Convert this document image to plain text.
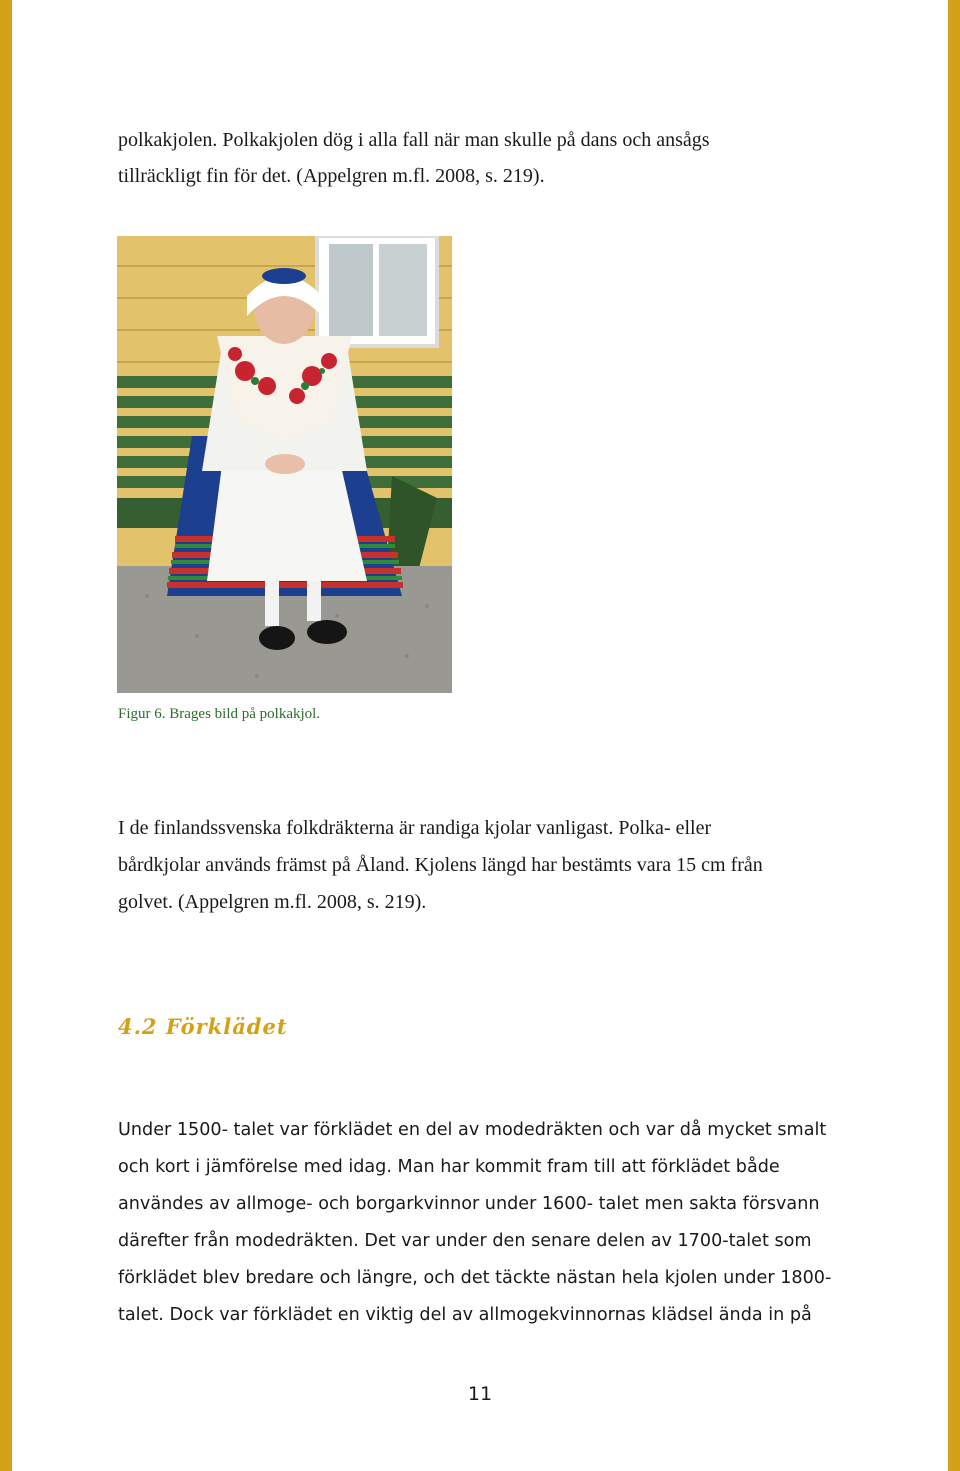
polkakjolen. Polkakjolen dög i alla fall när man skulle på dans och ansågs
tillräckligt fin för det. (Appelgren m.fl. 2008, s. 219).
Figur 6. Brages bild på polkakjol.
I de finlandssvenska folkdräkterna är randiga kjolar vanligast. Polka- eller
bårdkjolar används främst på Åland. Kjolens längd har bestämts vara 15 cm från
golvet. (Appelgren m.fl. 2008, s. 219).
4.2 Förklädet
Under 1500- talet var förklädet en del av modedräkten och var då mycket smalt
och kort i jämförelse med idag. Man har kommit fram till att förklädet både
användes av allmoge- och borgarkvinnor under 1600- talet men sakta försvann
därefter från modedräkten. Det var under den senare delen av 1700-talet som
förklädet blev bredare och längre, och det täckte nästan hela kjolen under 1800-
talet. Dock var förklädet en viktig del av allmogekvinnornas klädsel ända in på
11
